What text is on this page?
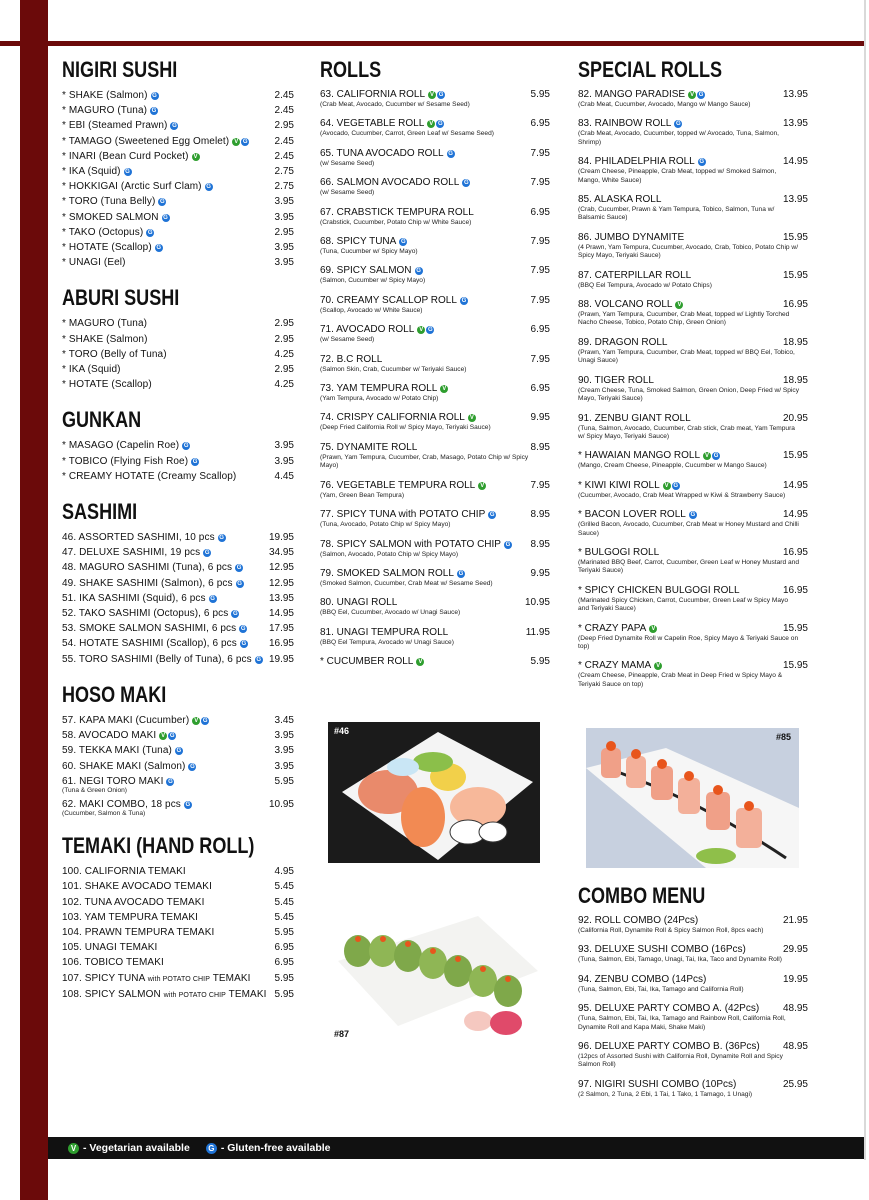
NIGIRI SUSHI
* SHAKE (Salmon) G	2.45
* MAGURO (Tuna) G	2.45
* EBI (Steamed Prawn) G	2.95
* TAMAGO (Sweetened Egg Omelet) V G	2.45
* INARI (Bean Curd Pocket) V	2.45
* IKA (Squid) G	2.75
* HOKKIGAI (Arctic Surf Clam) G	2.75
* TORO (Tuna Belly) G	3.95
* SMOKED SALMON G	3.95
* TAKO (Octopus) G	2.95
* HOTATE (Scallop) G	3.95
* UNAGI (Eel)	3.95
ABURI SUSHI
* MAGURO (Tuna)	2.95
* SHAKE (Salmon)	2.95
* TORO (Belly of Tuna)	4.25
* IKA (Squid)	2.95
* HOTATE (Scallop)	4.25
GUNKAN
* MASAGO (Capelin Roe) G	3.95
* TOBICO (Flying Fish Roe) G	3.95
* CREAMY HOTATE (Creamy Scallop)	4.45
SASHIMI
46. ASSORTED SASHIMI, 10 pcs G	19.95
47. DELUXE SASHIMI, 19 pcs G	34.95
48. MAGURO SASHIMI (Tuna), 6 pcs G	12.95
49. SHAKE SASHIMI (Salmon), 6 pcs G	12.95
51. IKA SASHIMI (Squid), 6 pcs G	13.95
52. TAKO SASHIMI (Octopus), 6 pcs G	14.95
53. SMOKE SALMON SASHIMI, 6 pcs G 17.95
54. HOTATE SASHIMI (Scallop), 6 pcs G 16.95
55. TORO SASHIMI (Belly of Tuna), 6 pcs G 19.95
HOSO MAKI
57. KAPA MAKI (Cucumber) V G	3.45
58. AVOCADO MAKI V G	3.95
59. TEKKA MAKI (Tuna) G	3.95
60. SHAKE MAKI (Salmon) G	3.95
61. NEGI TORO MAKI G	5.95
(Tuna & Green Onion)
62. MAKI COMBO, 18 pcs G	10.95
(Cucumber, Salmon & Tuna)
TEMAKI (HAND ROLL)
100. CALIFORNIA TEMAKI	4.95
101. SHAKE AVOCADO TEMAKI	5.45
102. TUNA AVOCADO TEMAKI	5.45
103. YAM TEMPURA TEMAKI	5.45
104. PRAWN TEMPURA TEMAKI	5.95
105. UNAGI TEMAKI	6.95
106. TOBICO TEMAKI	6.95
107. SPICY TUNA with POTATO CHIP TEMAKI 5.95
108. SPICY SALMON with POTATO CHIP TEMAKI 5.95
ROLLS
63. CALIFORNIA ROLL V G	5.95
(Crab Meat, Avocado, Cucumber w/ Sesame Seed)
64. VEGETABLE ROLL V G	6.95
(Avocado, Cucumber, Carrot, Green Leaf w/ Sesame Seed)
65. TUNA AVOCADO ROLL G	7.95
(w/ Sesame Seed)
66. SALMON AVOCADO ROLL G	7.95
(w/ Sesame Seed)
67. CRABSTICK TEMPURA ROLL	6.95
(Crabstick, Cucumber, Potato Chip w/ White Sauce)
68. SPICY TUNA G	7.95
(Tuna, Cucumber w/ Spicy Mayo)
69. SPICY SALMON G	7.95
(Salmon, Cucumber w/ Spicy Mayo)
70. CREAMY SCALLOP ROLL G	7.95
(Scallop, Avocado w/ White Sauce)
71. AVOCADO ROLL V G	6.95
(w/ Sesame Seed)
72. B.C ROLL	7.95
(Salmon Skin, Crab, Cucumber w/ Teriyaki Sauce)
73. YAM TEMPURA ROLL V	6.95
(Yam Tempura, Avocado w/ Potato Chip)
74. CRISPY CALIFORNIA ROLL V	9.95
(Deep Fried California Roll w/ Spicy Mayo, Teriyaki Sauce)
75. DYNAMITE ROLL	8.95
(Prawn, Yam Tempura, Cucumber, Crab, Masago, Potato Chip w/ Spicy Mayo)
76. VEGETABLE TEMPURA ROLL V	7.95
(Yam, Green Bean Tempura)
77. SPICY TUNA with POTATO CHIP G	8.95
(Tuna, Avocado, Potato Chip w/ Spicy Mayo)
78. SPICY SALMON with POTATO CHIP G 8.95
(Salmon, Avocado, Potato Chip w/ Spicy Mayo)
79. SMOKED SALMON ROLL G	9.95
(Smoked Salmon, Cucumber, Crab Meat w/ Sesame Seed)
80. UNAGI ROLL	10.95
(BBQ Eel, Cucumber, Avocado w/ Unagi Sauce)
81. UNAGI TEMPURA ROLL	11.95
(BBQ Eel Tempura, Avocado w/ Unagi Sauce)
* CUCUMBER ROLL V	5.95
SPECIAL ROLLS
82. MANGO PARADISE V G	13.95
(Crab Meat, Cucumber, Avocado, Mango w/ Mango Sauce)
83. RAINBOW ROLL G	13.95
(Crab Meat, Avocado, Cucumber, topped w/ Avocado, Tuna, Salmon, Shrimp)
84. PHILADELPHIA ROLL G	14.95
(Cream Cheese, Pineapple, Crab Meat, topped w/ Smoked Salmon, Mango, White Sauce)
85. ALASKA ROLL	13.95
(Crab, Cucumber, Prawn & Yam Tempura, Tobico, Salmon, Tuna w/ Balsamic Sauce)
86. JUMBO DYNAMITE	15.95
(4 Prawn, Yam Tempura, Cucumber, Avocado, Crab, Tobico, Potato Chip w/ Spicy Mayo, Teriyaki Sauce)
87. CATERPILLAR ROLL	15.95
(BBQ Eel Tempura, Avocado w/ Potato Chips)
88. VOLCANO ROLL V	16.95
(Prawn, Yam Tempura, Cucumber, Crab Meat, topped w/ Lightly Torched Nacho Cheese, Tobico, Potato Chip, Green Onion)
89. DRAGON ROLL	18.95
(Prawn, Yam Tempura, Cucumber, Crab Meat, topped w/ BBQ Eel, Tobico, Unagi Sauce)
90. TIGER ROLL	18.95
(Cream Cheese, Tuna, Smoked Salmon, Green Onion, Deep Fried w/ Spicy Mayo, Teriyaki Sauce)
91. ZENBU GIANT ROLL	20.95
(Tuna, Salmon, Avocado, Cucumber, Crab stick, Crab meat, Yam Tempura w/ Spicy Mayo, Teriyaki Sauce)
* HAWAIAN MANGO ROLL V G	15.95
(Mango, Cream Cheese, Pineapple, Cucumber w Mango Sauce)
* KIWI KIWI ROLL V G	14.95
(Cucumber, Avocado, Crab Meat Wrapped w Kiwi & Strawberry Sauce)
* BACON LOVER ROLL G	14.95
(Grilled Bacon, Avocado, Cucumber, Crab Meat w Honey Mustard and Chilli Sauce)
* BULGOGI ROLL	16.95
(Marinated BBQ Beef, Carrot, Cucumber, Green Leaf w Honey Mustard and Teriyaki Sauce)
* SPICY CHICKEN BULGOGI ROLL	16.95
(Marinated Spicy Chicken, Carrot, Cucumber, Green Leaf w Spicy Mayo and Teriyaki Sauce)
* CRAZY PAPA V	15.95
(Deep Fried Dynamite Roll w Capelin Roe, Spicy Mayo & Teriyaki Sauce on top)
* CRAZY MAMA V	15.95
(Cream Cheese, Pineapple, Crab Meat in Deep Fried w Spicy Mayo & Teriyaki Sauce on top)
COMBO MENU
92. ROLL COMBO (24Pcs)	21.95
(California Roll, Dynamite Roll & Spicy Salmon Roll, 8pcs each)
93. DELUXE SUSHI COMBO (16Pcs)	29.95
(Tuna, Salmon, Ebi, Tamago, Unagi, Tai, Ika, Taco and Dynamite Roll)
94. ZENBU COMBO (14Pcs)	19.95
(Tuna, Salmon, Ebi, Tai, Ika, Tamago and California Roll)
95. DELUXE PARTY COMBO A. (42Pcs) 48.95
(Tuna, Salmon, Ebi, Tai, Ika, Tamago and Rainbow Roll, California Roll, Dynamite Roll and Kapa Maki, Shake Maki)
96. DELUXE PARTY COMBO B. (36Pcs) 48.95
(12pcs of Assorted Sushi with California Roll, Dynamite Roll and Spicy Salmon Roll)
97. NIGIRI SUSHI COMBO (10Pcs)	25.95
(2 Salmon, 2 Tuna, 2 Ebi, 1 Tai, 1 Tako, 1 Tamago, 1 Unagi)
#46
#87
#85
V - Vegetarian available G - Gluten-free available
